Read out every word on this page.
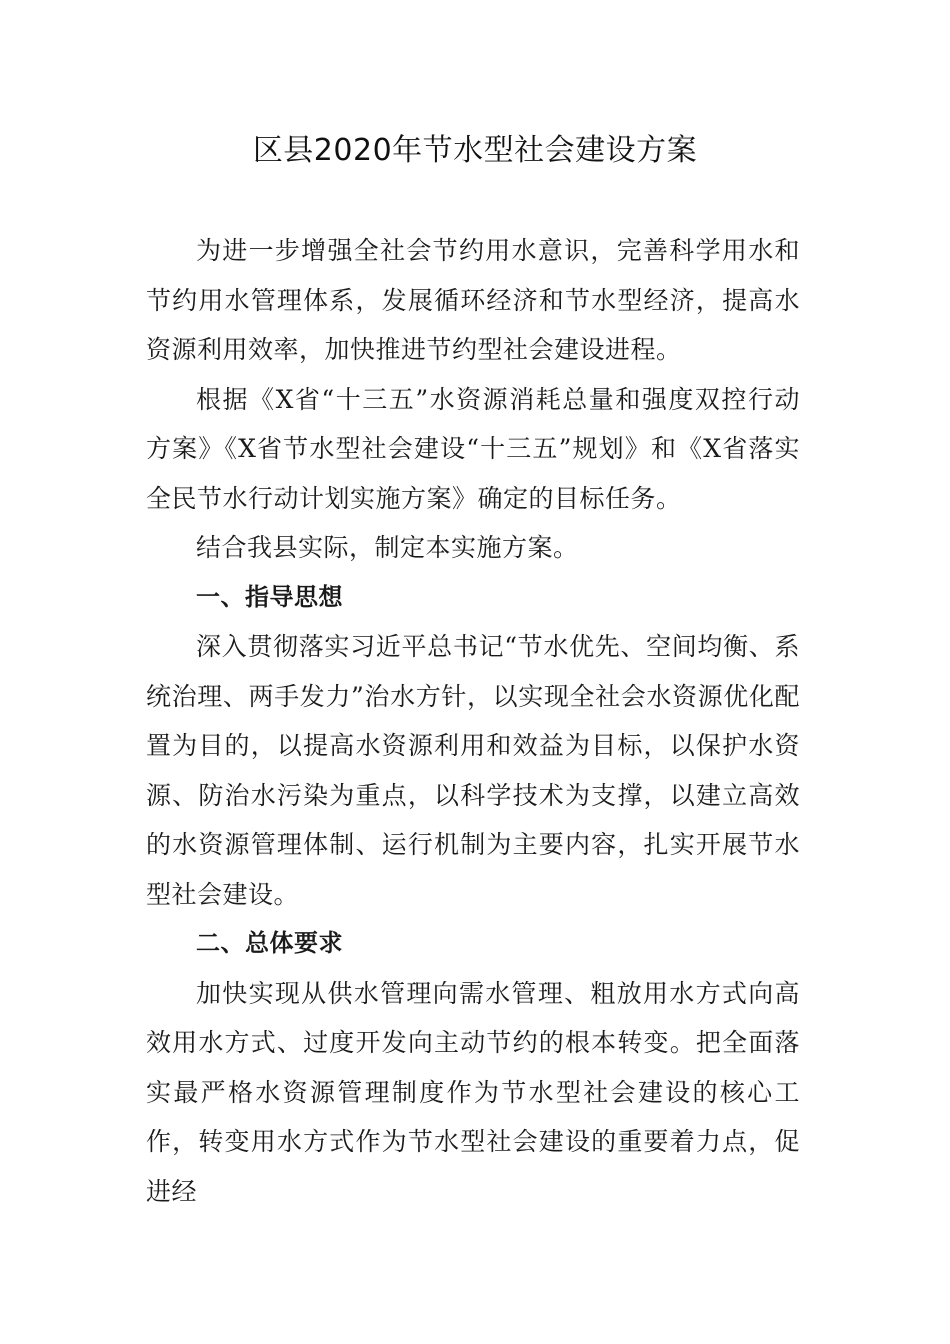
区县2020年节水型社会建设方案

为进一步增强全社会节约用水意识，完善科学用水和节约用水管理体系，发展循环经济和节水型经济，提高水资源利用效率，加快推进节约型社会建设进程。

根据《X省“十三五”水资源消耗总量和强度双控行动方案》《X省节水型社会建设“十三五”规划》和《X省落实全民节水行动计划实施方案》确定的目标任务。

结合我县实际，制定本实施方案。

一、指导思想

深入贯彻落实习近平总书记“节水优先、空间均衡、系统治理、两手发力”治水方针，以实现全社会水资源优化配置为目的，以提高水资源利用和效益为目标，以保护水资源、防治水污染为重点，以科学技术为支撑，以建立高效的水资源管理体制、运行机制为主要内容，扎实开展节水型社会建设。

二、总体要求

加快实现从供水管理向需水管理、粗放用水方式向高效用水方式、过度开发向主动节约的根本转变。把全面落实最严格水资源管理制度作为节水型社会建设的核心工作，转变用水方式作为节水型社会建设的重要着力点，促进经
